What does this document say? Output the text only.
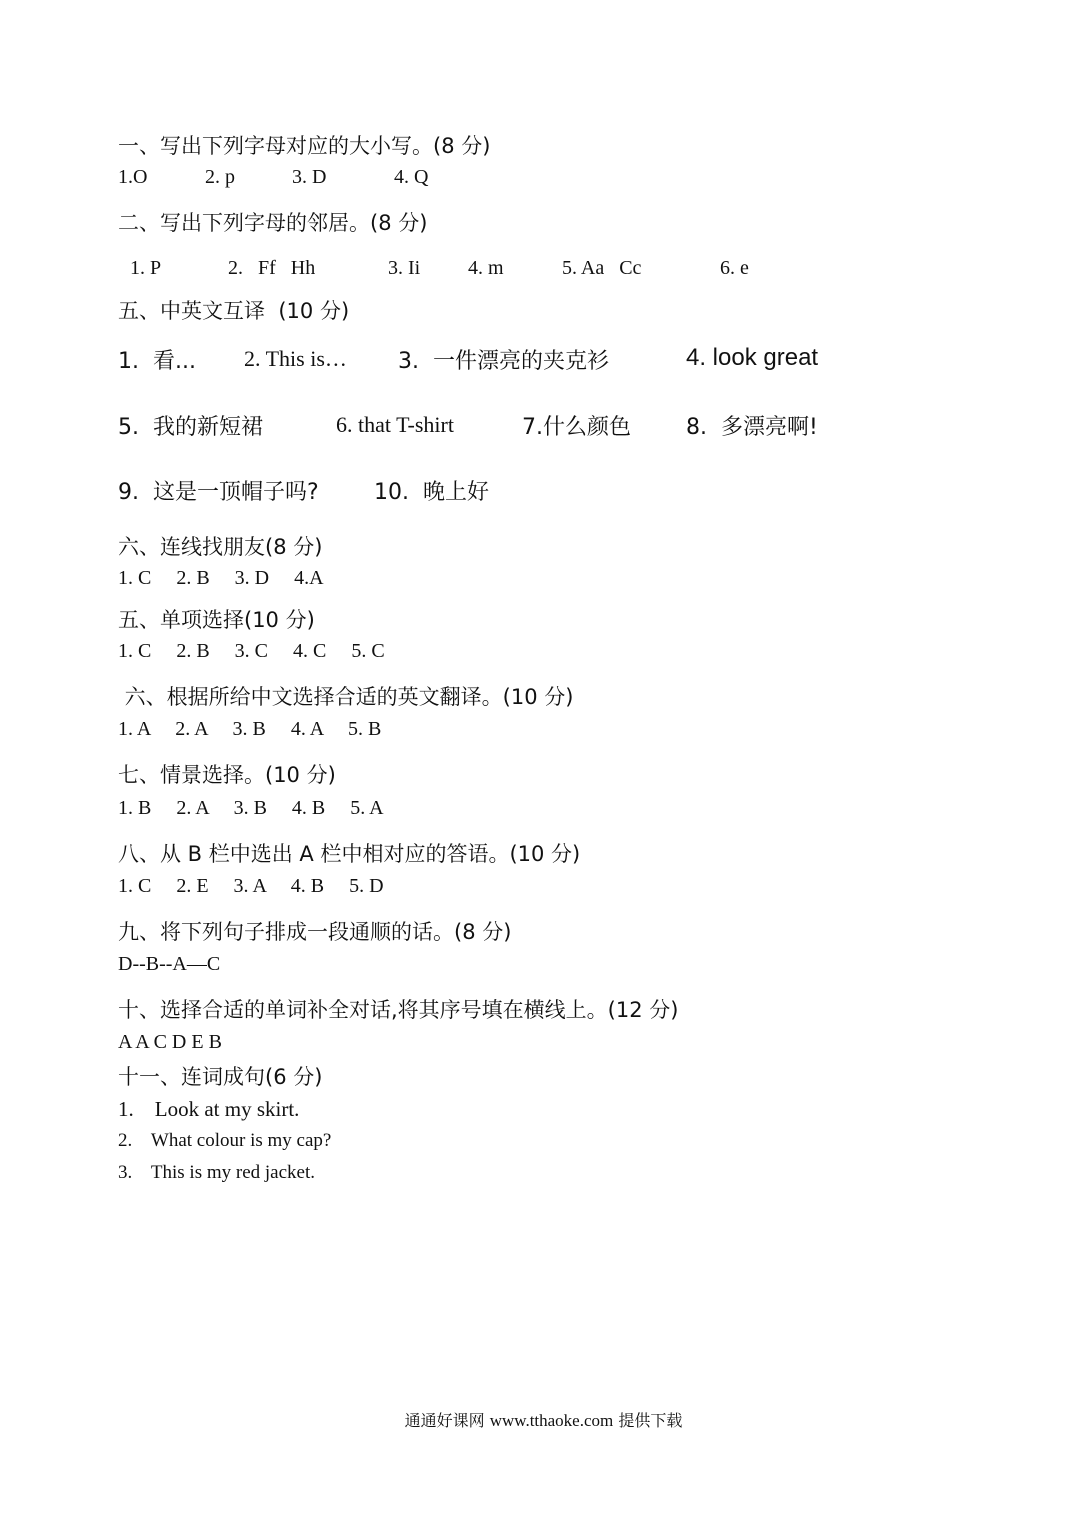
一、写出下列字母对应的大小写。(8 分)
1.O	2. p	3. D	4. Q
二、写出下列字母的邻居。(8 分)
1. P	2.   Ff   Hh	3. Ii 4. m	5. Aa   Cc	6. e
五、中英文互译  (10 分)
1.  看... 2. This is… 3.  一件漂亮的夹克衫	4. look great
5.  我的新短裙	6. that T-shirt	7.什么颜色	8.  多漂亮啊!
9.  这是一顶帽子吗?	10.  晚上好
六、连线找朋友(8 分)
1. C     2. B     3. D     4.A
五、单项选择(10 分)
1. C     2. B     3. C     4. C     5. C
六、根据所给中文选择合适的英文翻译。(10 分)
1. A     2. A     3. B     4. A     5. B
七、情景选择。(10 分)
1. B     2. A     3. B     4. B     5. A
八、从 B 栏中选出 A 栏中相对应的答语。(10 分)
1. C     2. E     3. A     4. B     5. D
九、将下列句子排成一段通顺的话。(8 分)
D--B--A—C
十、选择合适的单词补全对话,将其序号填在横线上。(12 分)
A A C D E B
十一、连词成句(6 分)
1.    Look at my skirt.
2.    What colour is my cap?
3.    This is my red jacket.
通通好课网 www.tthaoke.com 提供下载
